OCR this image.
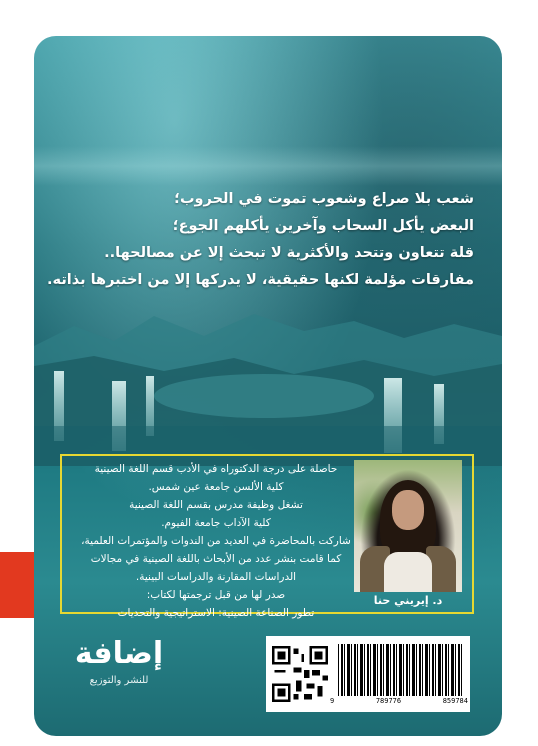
شعب بلا صراع وشعوب تموت في الحروب؛
البعض يأكل السحاب وآخرين يأكلهم الجوع؛
قلة تتعاون وتتحد والأكثرية لا تبحث إلا عن مصالحها..
مفارقات مؤلمة لكنها حقيقية، لا يدركها إلا من اختبرها بذاته.
حاصلة على درجة الدكتوراه في الأدب قسم اللغة الصينية
كلية الألسن جامعة عين شمس.
تشغل وظيفة مدرس بقسم اللغة الصينية
كلية الآداب جامعة الفيوم.
شاركت بالمحاضرة في العديد من الندوات والمؤتمرات العلمية،
كما قامت بنشر عدد من الأبحاث باللغة الصينية في مجالات
الدراسات المقارنة والدراسات البينية.
صدر لها من قبل ترجمتها لكتاب:
تطور الصناعة الصينية: الاستراتيجية والتحديات
د. إيريني حنا
إضافة
للنشر والتوزيع
9	789776	859784
